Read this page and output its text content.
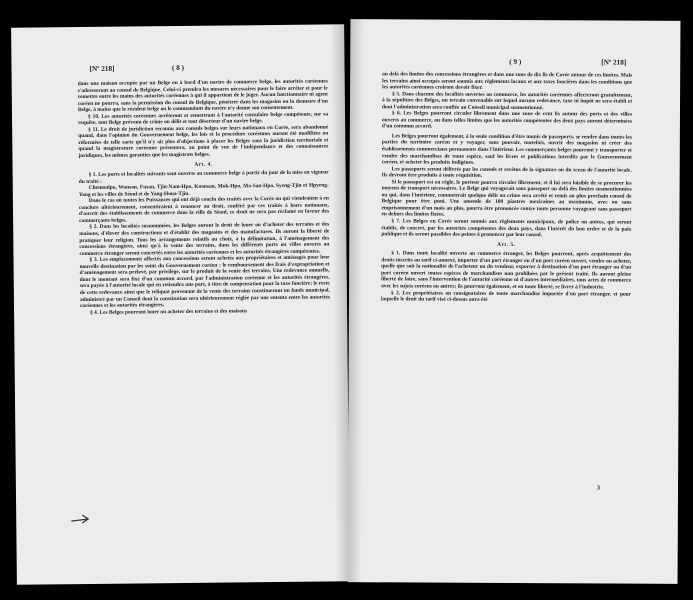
[Nº 218]	( 8 )

dans une maison occupée par un Belge ou à bord d'un navire de commerce belge, les autorités coréennes s'adresseront au consul de Belgique. Celui-ci prendra les mesures nécessaires pour le faire arrêter et pour le remettre entre les mains des autorités coréennes à qui il appartient de le juger. Aucun fonctionnaire ni agent coréen ne pourra, sans la permission du consul de Belgique, pénétrer dans les magasins ou la demeure d'un Belge, à moins que le résident belge ou le commandant du navire n'y donne son consentement.

§ 10. Les autorités coréennes arrêteront et remettront à l'autorité consulaire belge compétente, sur sa requête, tout Belge prévenu de crime ou délit et tout déserteur d'un navire belge.

§ 11. Le droit de juridiction reconnu aux consuls belges sur leurs nationaux en Corée, sera abandonné quand, dans l'opinion du Gouvernement belge, les lois et la procédure coréennes auront été modifiées ou réformées de telle sorte qu'il n'y ait plus d'objections à placer les Belges sous la juridiction territoriale et quand la magistrature coréenne présentera, au point de vue de l'indépendance et des connaissances juridiques, les mêmes garanties que les magistrats belges.

Art. 4.

§ 1. Les ports et localités suivants sont ouverts au commerce belge à partir du jour de la mise en vigueur du traité :

Chemoulpo, Wonsan, Fusan, Tjin-Nam-Hpo, Koonsan, Mok-Hpo, Ma-San-Hpo, Syeng-Tjin et Hpyeng-Yang et les villes de Séoul et de Yang-Houa-Tjin.

Dans le cas où toutes les Puissances qui ont déjà conclu des traités avec la Corée ou qui viendraient à en conclure ultérieurement, consentiraient à renoncer au droit, conféré par ces traités à leurs nationaux, d'ouvrir des établissements de commerce dans la ville de Séoul, ce droit ne sera pas réclamé en faveur des commerçants belges.

§ 2. Dans les localités susnommées, les Belges auront le droit de louer ou d'acheter des terrains et des maisons, d'élever des constructions et d'établir des magasins et des manufactures. Ils auront la liberté de pratiquer leur religion. Tous les arrangements relatifs au choix, à la délimitation, à l'aménagement des concessions étrangères, ainsi qu'à la vente des terrains, dans les différents ports ou villes ouverts au commerce étranger seront concertés entre les autorités coréennes et les autorités étrangères compétentes.

§ 3. Les emplacements affectés aux concessions seront achetés aux propriétaires et aménagés pour leur nouvelle destination par les soins du Gouvernement coréen : le remboursement des frais d'expropriation et d'aménagement sera prélevé, par privilège, sur le produit de la vente des terrains. Une redevance annuelle, dont le montant sera fixé d'un commun accord, par l'administration coréenne et les autorités étrangères, sera payée à l'autorité locale qui en retiendra une part, à titre de compensation pour la taxe foncière; le reste de cette redevance ainsi que le reliquat provenant de la vente des terrains constitueront un fonds municipal, administré par un Conseil dont la constitution sera ultérieurement réglée par une entente entre les autorités coréennes et les autorités étrangères.

§ 4. Les Belges pourront louer ou acheter des terrains et des maisons

( 9 )	[Nº 218]

au delà des limites des concessions étrangères et dans une zone de dix lis de Corée autour de ces limites. Mais les terrains ainsi occupés seront soumis aux règlements locaux et aux taxes foncières dans les conditions que les autorités coréennes croiront devoir fixer.

§ 5. Dans chacune des localités ouvertes au commerce, les autorités coréennes affecteront gratuitement, à la sépulture des Belges, un terrain convenable sur lequel aucune redevance, taxe ni impôt ne sera établi et dont l'administration sera confiée au Conseil municipal susmentionné.

§ 6. Les Belges pourront circuler librement dans une zone de cent lis autour des ports et des villes ouverts au commerce, ou dans telles limites que les autorités compétentes des deux pays auront déterminées d'un commun accord.

Les Belges pourront également, à la seule condition d'être munis de passeports, se rendre dans toutes les parties du territoire coréen et y voyager, sans pouvoir, toutefois, ouvrir des magasins ni créer des établissements commerciaux permanents dans l'intérieur. Les commerçants belges pourront y transporter et vendre des marchandises de toute espèce, sauf les livres et publications interdits par le Gouvernement coréen, et acheter les produits indigènes.

Les passeports seront délivrés par les consuls et revêtus de la signature ou du sceau de l'autorité locale. Ils devront être produits à toute réquisition.

Si le passeport est en règle, le porteur pourra circuler librement, et il lui sera loisible de se procurer les moyens de transport nécessaires. Le Belge qui voyagerait sans passeport ou delà des limites susmentionnées ou qui, dans l'intérieur, commettrait quelque délit ou crime sera arrêté et remis au plus prochain consul de Belgique pour être puni. Une amende de 100 piastres mexicaines au maximum, avec ou sans emprisonnement d'un mois au plus, pourra être prononcée contre toute personne voyageant sans passeport en dehors des limites fixées.

§ 7. Les Belges en Corée seront soumis aux règlements municipaux, de police ou autres, qui seront établis, de concert, par les autorités compétentes des deux pays, dans l'intérêt du bon ordre et de la paix publique et ils seront passibles des peines à prononcer par leur consul.

Art. 5.

§ 1. Dans toute localité ouverte au commerce étranger, les Belges pourront, après acquittement des droits inscrits au tarif ci-annexé, importer d'un port étranger ou d'un port coréen ouvert, vendre ou acheter, quelle que soit la nationalité de l'acheteur ou du vendeur, exporter à destination d'un port étranger ou d'un port coréen ouvert toutes espèces de marchandises non prohibées par le présent traité. Ils auront pleine liberté de faire, sans l'intervention de l'autorité coréenne ni d'autres intermédiaires, tous actes de commerce avec les sujets coréens ou autres; ils pourront également, et en toute liberté, se livrer à l'industrie.

§ 2. Les propriétaires ou consignataires de toute marchandise importée d'un port étranger, et pour laquelle le droit du tarif visé ci-dessus aura été

3
